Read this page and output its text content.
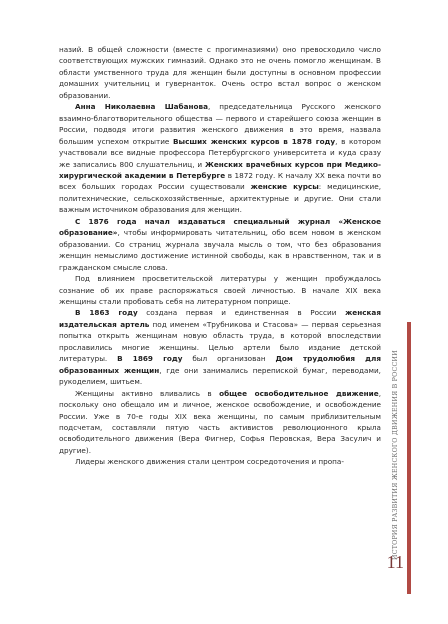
назий. В общей сложности (вместе с прогимназиями) оно превосходило число соответствующих мужских гимназий. Однако это не очень помогло женщинам. В области умственного труда для женщин были доступны в основном профессии домашних учительниц и гувернанток. Очень остро встал вопрос о женском образовании.

Анна Николаевна Шабанова, председательница Русского женского взаимно-благотворительного общества — первого и старейшего союза женщин в России, подводя итоги развития женского движения в это время, назвала большим успехом открытие Высших женских курсов в 1878 году, в котором участвовали все видные профессора Петербургского университета и куда сразу же записались 800 слушательниц, и Женских врачебных курсов при Медико-хирургической академии в Петербурге в 1872 году. К началу XX века почти во всех больших городах России существовали женские курсы: медицинские, политехнические, сельскохозяйственные, архитектурные и другие. Они стали важным источником образования для женщин.

С 1876 года начал издаваться специальный журнал «Женское образование», чтобы информировать читательниц, обо всем новом в женском образовании. Со страниц журнала звучала мысль о том, что без образования женщин немыслимо достижение истинной свободы, как в нравственном, так и в гражданском смысле слова.

Под влиянием просветительской литературы у женщин пробуждалось сознание об их праве распоряжаться своей личностью. В начале XIX века женщины стали пробовать себя на литературном поприще.

В 1863 году создана первая и единственная в России женская издательская артель под именем «Трубникова и Стасова» — первая серьезная попытка открыть женщинам новую область труда, в которой впоследствии прославились многие женщины. Целью артели было издание детской литературы. В 1869 году был организован Дом трудолюбия для образованных женщин, где они занимались перепиской бумаг, переводами, рукоделием, шитьем.

Женщины активно вливались в общее освободительное движение, поскольку оно обещало им и личное, женское освобождение, и освобождение России. Уже в 70-е годы XIX века женщины, по самым приблизительным подсчетам, составляли пятую часть активистов революционного крыла освободительного движения (Вера Фигнер, Софья Перовская, Вера Засулич и другие).

Лидеры женского движения стали центром сосредоточения и пропа-	ИСТОРИЯ РАЗВИТИЯ ЖЕНСКОГО ДВИЖЕНИЯ В РОССИИ
11
